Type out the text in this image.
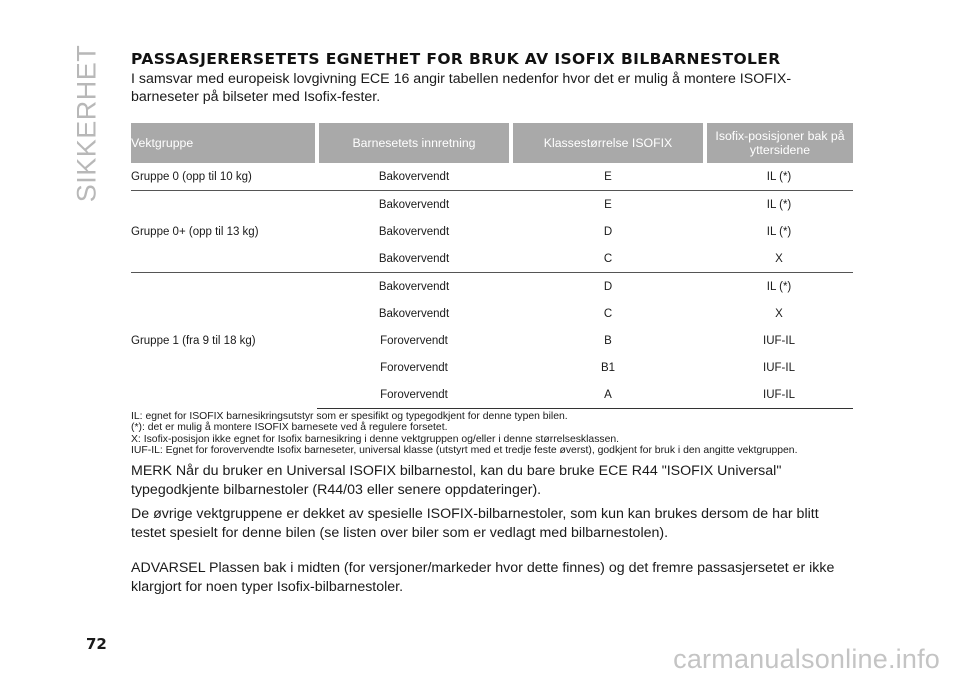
SIKKERHET PASSASJERERSETETS EGNETHET FOR BRUK AV ISOFIX BILBARNESTOLER

I samsvar med europeisk lovgivning ECE 16 angir tabellen nedenfor hvor det er mulig å montere ISOFIX-barneseter på bilseter med Isofix-fester.

Vektgruppe	Barnesetets innretning	Klassestørrelse ISOFIX	Isofix-posisjoner bak på yttersidene
Gruppe 0 (opp til 10 kg)	Bakovervendt	E	IL (*)
Gruppe 0+ (opp til 13 kg)	Bakovervendt	E	IL (*)
	Bakovervendt	D	IL (*)
	Bakovervendt	C	X
Gruppe 1 (fra 9 til 18 kg)	Bakovervendt	D	IL (*)
	Bakovervendt	C	X
	Forovervendt	B	IUF-IL
	Forovervendt	B1	IUF-IL
	Forovervendt	A	IUF-IL

IL: egnet for ISOFIX barnesikringsutstyr som er spesifikt og typegodkjent for denne typen bilen.

(*): det er mulig å montere ISOFIX barnesete ved å regulere forsetet.

X: Isofix-posisjon ikke egnet for Isofix barnesikring i denne vektgruppen og/eller i denne størrelsesklassen.

IUF-IL: Egnet for forovervendte Isofix barneseter, universal klasse (utstyrt med et tredje feste øverst), godkjent for bruk i den angitte vektgruppen.

MERK Når du bruker en Universal ISOFIX bilbarnestol, kan du bare bruke ECE R44 "ISOFIX Universal" typegodkjente bilbarnestoler (R44/03 eller senere oppdateringer).

De øvrige vektgruppene er dekket av spesielle ISOFIX-bilbarnestoler, som kun kan brukes dersom de har blitt testet spesielt for denne bilen (se listen over biler som er vedlagt med bilbarnestolen).

ADVARSEL Plassen bak i midten (for versjoner/markeder hvor dette finnes) og det fremre passasjersetet er ikke klargjort for noen typer Isofix-bilbarnestoler.

72	carmanualsonline.info
